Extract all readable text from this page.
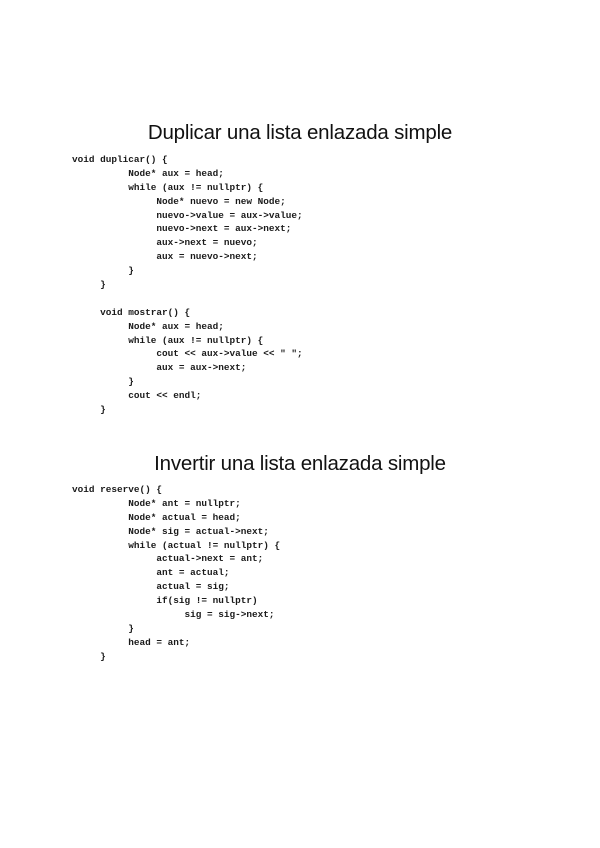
Duplicar una lista enlazada simple
void duplicar() {
Node* aux = head;
while (aux != nullptr) {
Node* nuevo = new Node;
nuevo->value = aux->value;
nuevo->next = aux->next;
aux->next = nuevo;
aux = nuevo->next;
}
}
void mostrar() {
Node* aux = head;
while (aux != nullptr) {
cout << aux->value << " ";
aux = aux->next;
}
cout << endl;
}
Invertir una lista enlazada simple
void reserve() {
Node* ant = nullptr;
Node* actual = head;
Node* sig = actual->next;
while (actual != nullptr) {
actual->next = ant;
ant = actual;
actual = sig;
if(sig != nullptr)
sig = sig->next;
}
head = ant;
}
